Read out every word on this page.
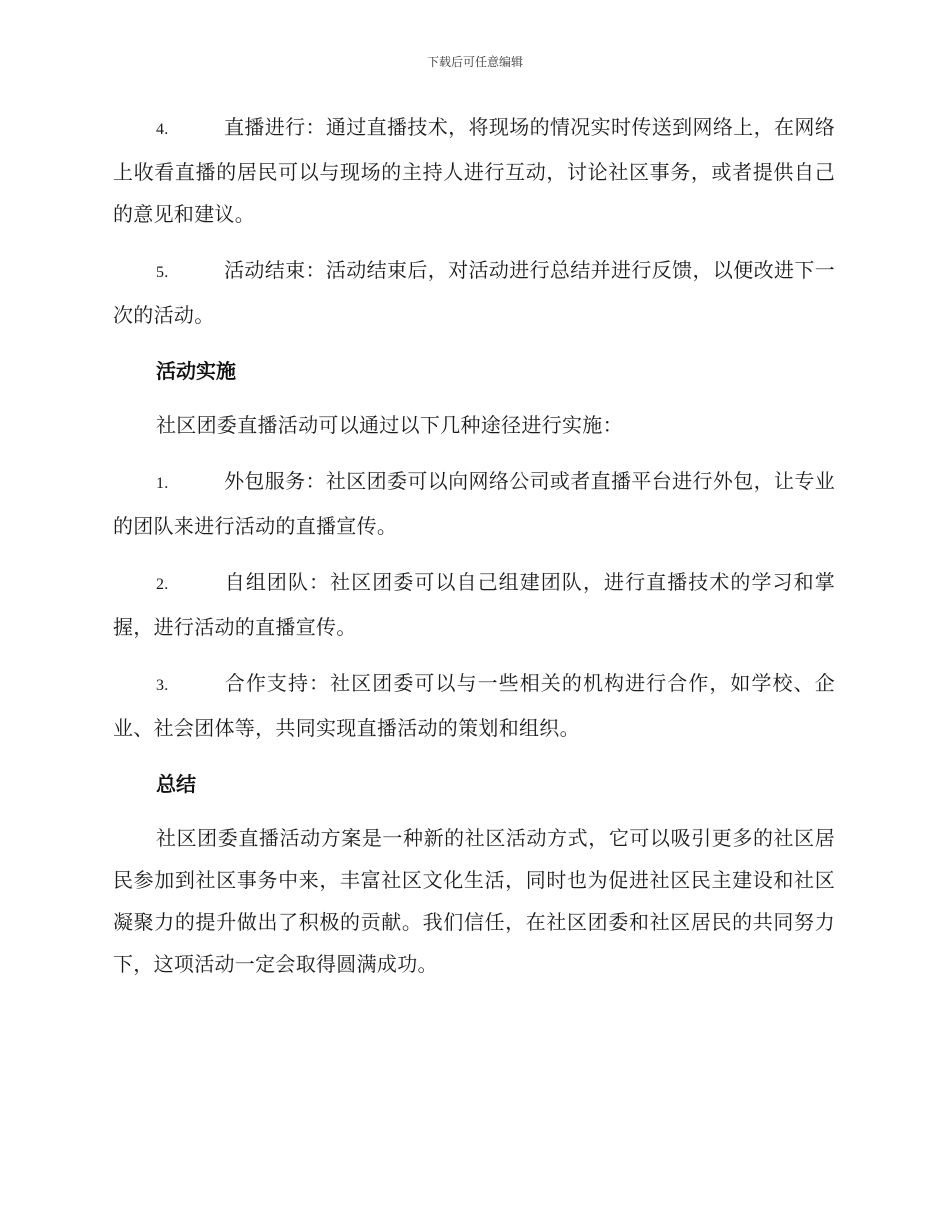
下载后可任意编辑

4.	直播进行：通过直播技术，将现场的情况实时传送到网络上，在网络上收看直播的居民可以与现场的主持人进行互动，讨论社区事务，或者提供自己的意见和建议。

5.	活动结束：活动结束后，对活动进行总结并进行反馈，以便改进下一次的活动。

活动实施

社区团委直播活动可以通过以下几种途径进行实施：

1.	外包服务：社区团委可以向网络公司或者直播平台进行外包，让专业的团队来进行活动的直播宣传。

2.	自组团队：社区团委可以自己组建团队，进行直播技术的学习和掌握，进行活动的直播宣传。

3.	合作支持：社区团委可以与一些相关的机构进行合作，如学校、企业、社会团体等，共同实现直播活动的策划和组织。

总结

社区团委直播活动方案是一种新的社区活动方式，它可以吸引更多的社区居民参加到社区事务中来，丰富社区文化生活，同时也为促进社区民主建设和社区凝聚力的提升做出了积极的贡献。我们信任，在社区团委和社区居民的共同努力下，这项活动一定会取得圆满成功。
